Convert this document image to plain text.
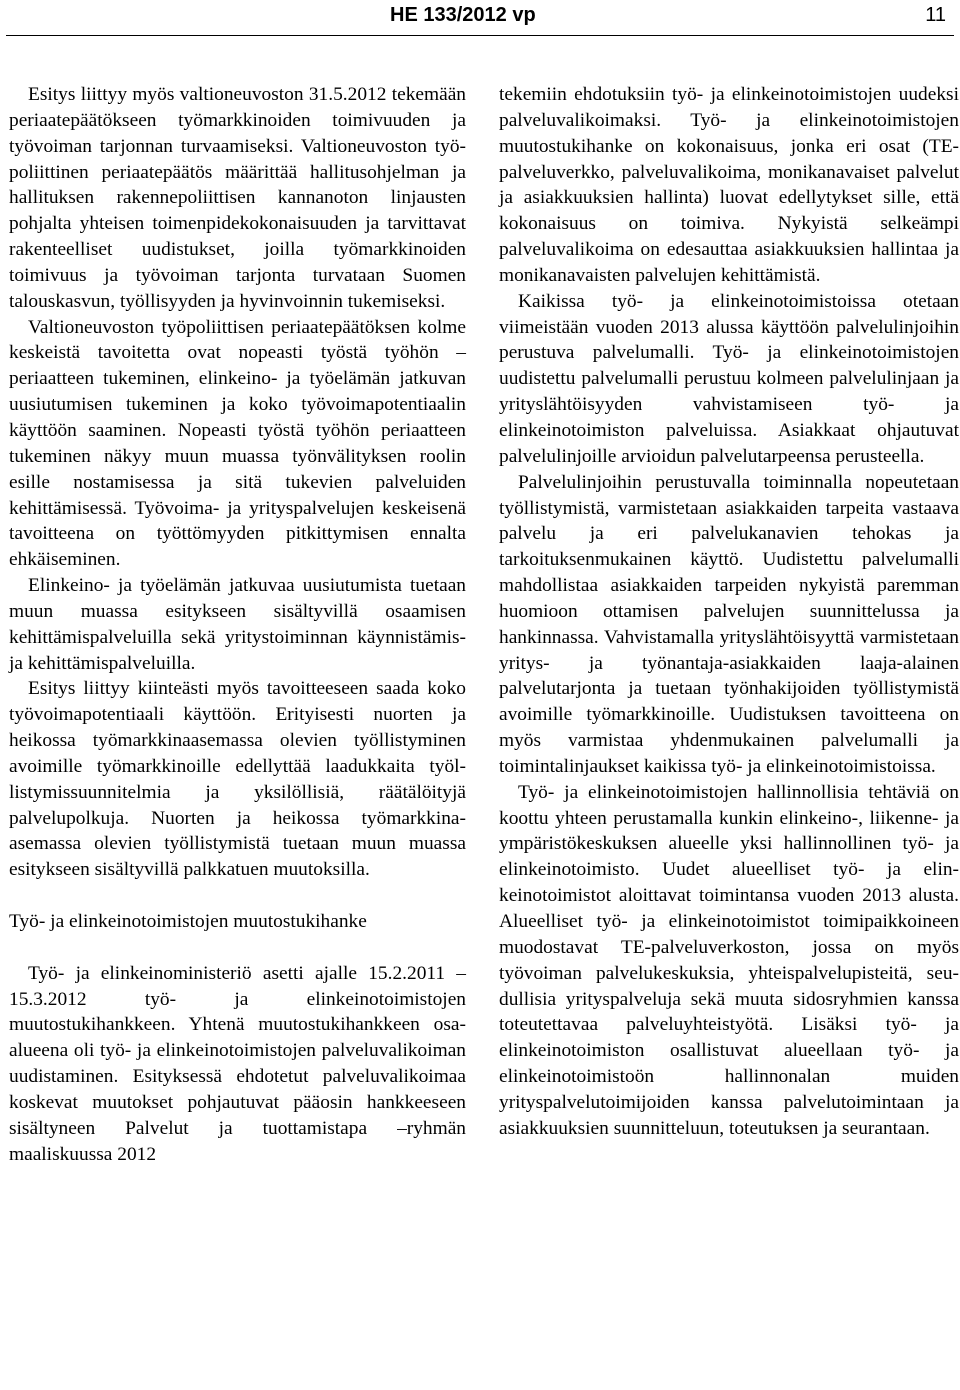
HE 133/2012 vp	11

Esitys liittyy myös valtioneuvoston 31.5.2012 tekemään periaatepäätökseen työmarkkinoiden toimivuuden ja työvoiman tarjonnan turvaamiseksi. Valtioneuvoston työpoliittinen periaatepäätös määrittää hallitusohjelman ja hallituksen rakennepoliittisen kannanoton linjausten pohjalta yhteisen toimenpidekokonaisuuden ja tarvittavat rakenteelliset uudistukset, joilla työmarkkinoiden toimivuus ja työvoiman tarjonta turvataan Suomen talouskasvun, työllisyyden ja hyvinvoinnin tukemiseksi.

Valtioneuvoston työpoliittisen periaatepäätöksen kolme keskeistä tavoitetta ovat nopeasti työstä työhön –periaatteen tukeminen, elinkeino- ja työelämän jatkuvan uusiutumisen tukeminen ja koko työvoimapotentiaalin käyttöön saaminen. Nopeasti työstä työhön periaatteen tukeminen näkyy muun muassa työnvälityksen roolin esille nostamisessa ja sitä tukevien palveluiden kehittämisessä. Työvoima- ja yrityspalvelujen keskeisenä tavoitteena on työttömyyden pitkittymisen ennalta ehkäiseminen.

Elinkeino- ja työelämän jatkuvaa uusiutumista tuetaan muun muassa esitykseen sisältyvillä osaamisen kehittämispalveluilla sekä yritystoiminnan käynnistämis- ja kehittämispalveluilla.

Esitys liittyy kiinteästi myös tavoitteeseen saada koko työvoimapotentiaali käyttöön. Erityisesti nuorten ja heikossa työmarkkinaasemassa olevien työllistyminen avoimille työmarkkinoille edellyttää laadukkaita työllistymissuunnitelmia ja yksilöllisiä, räätälöityjä palvelupolkuja. Nuorten ja heikossa työmarkkina-asemassa olevien työllistymistä tuetaan muun muassa esitykseen sisältyvillä palkkatuen muutoksilla.

Työ- ja elinkeinotoimistojen muutostukihanke

Työ- ja elinkeinoministeriö asetti ajalle 15.2.2011 – 15.3.2012 työ- ja elinkeinotoimistojen muutostukihankkeen. Yhtenä muutostukihankkeen osa-alueena oli työ- ja elinkeinotoimistojen palveluvalikoiman uudistaminen. Esityksessä ehdotetut palveluvalikoimaa koskevat muutokset pohjautuvat pääosin hankkeeseen sisältyneen Palvelut ja tuottamistapa –ryhmän maaliskuussa 2012

tekemiin ehdotuksiin työ- ja elinkeinotoimistojen uudeksi palveluvalikoimaksi. Työ- ja elinkeinotoimistojen muutostukihanke on kokonaisuus, jonka eri osat (TE-palveluverkko, palveluvalikoima, monikanavaiset palvelut ja asiakkuuksien hallinta) luovat edellytykset sille, että kokonaisuus on toimiva. Nykyistä selkeämpi palveluvalikoima on edesauttaa asiakkuuksien hallintaa ja monikanavaisten palvelujen kehittämistä.

Kaikissa työ- ja elinkeinotoimistoissa otetaan viimeistään vuoden 2013 alussa käyttöön palvelulinjoihin perustuva palvelumalli. Työ- ja elinkeinotoimistojen uudistettu palvelumalli perustuu kolmeen palvelulinjaan ja yrityslähtöisyyden vahvistamiseen työ- ja elinkeinotoimiston palveluissa. Asiakkaat ohjautuvat palvelulinjoille arvioidun palvelutarpeensa perusteella.

Palvelulinjoihin perustuvalla toiminnalla nopeutetaan työllistymistä, varmistetaan asiakkaiden tarpeita vastaava palvelu ja eri palvelukanavien tehokas ja tarkoituksenmukainen käyttö. Uudistettu palvelumalli mahdollistaa asiakkaiden tarpeiden nykyistä paremman huomioon ottamisen palvelujen suunnittelussa ja hankinnassa. Vahvistamalla yrityslähtöisyyttä varmistetaan yritys- ja työnantaja-asiakkaiden laaja-alainen palvelutarjonta ja tuetaan työnhakijoiden työllistymistä avoimille työmarkkinoille. Uudistuksen tavoitteena on myös varmistaa yhdenmukainen palvelumalli ja toimintalinjaukset kaikissa työ- ja elinkeinotoimistoissa.

Työ- ja elinkeinotoimistojen hallinnollisia tehtäviä on koottu yhteen perustamalla kunkin elinkeino-, liikenne- ja ympäristökeskuksen alueelle yksi hallinnollinen työ- ja elinkeinotoimisto. Uudet alueelliset työ- ja elinkeinotoimistot aloittavat toimintansa vuoden 2013 alusta. Alueelliset työ- ja elinkeinotoimistot toimipaikkoineen muodostavat TE-palveluverkoston, jossa on myös työvoiman palvelukeskuksia, yhteispalvelupisteitä, seudullisia yrityspalveluja sekä muuta sidosryhmien kanssa toteutettavaa palveluyhteistyötä. Lisäksi työ- ja elinkeinotoimiston osallistuvat alueellaan työ- ja elinkeinotoimistoön hallinnonalan muiden yrityspalvelutoimijoiden kanssa palvelutoimintaan ja asiakkuuksien suunnitteluun, toteutuksen ja seurantaan.
